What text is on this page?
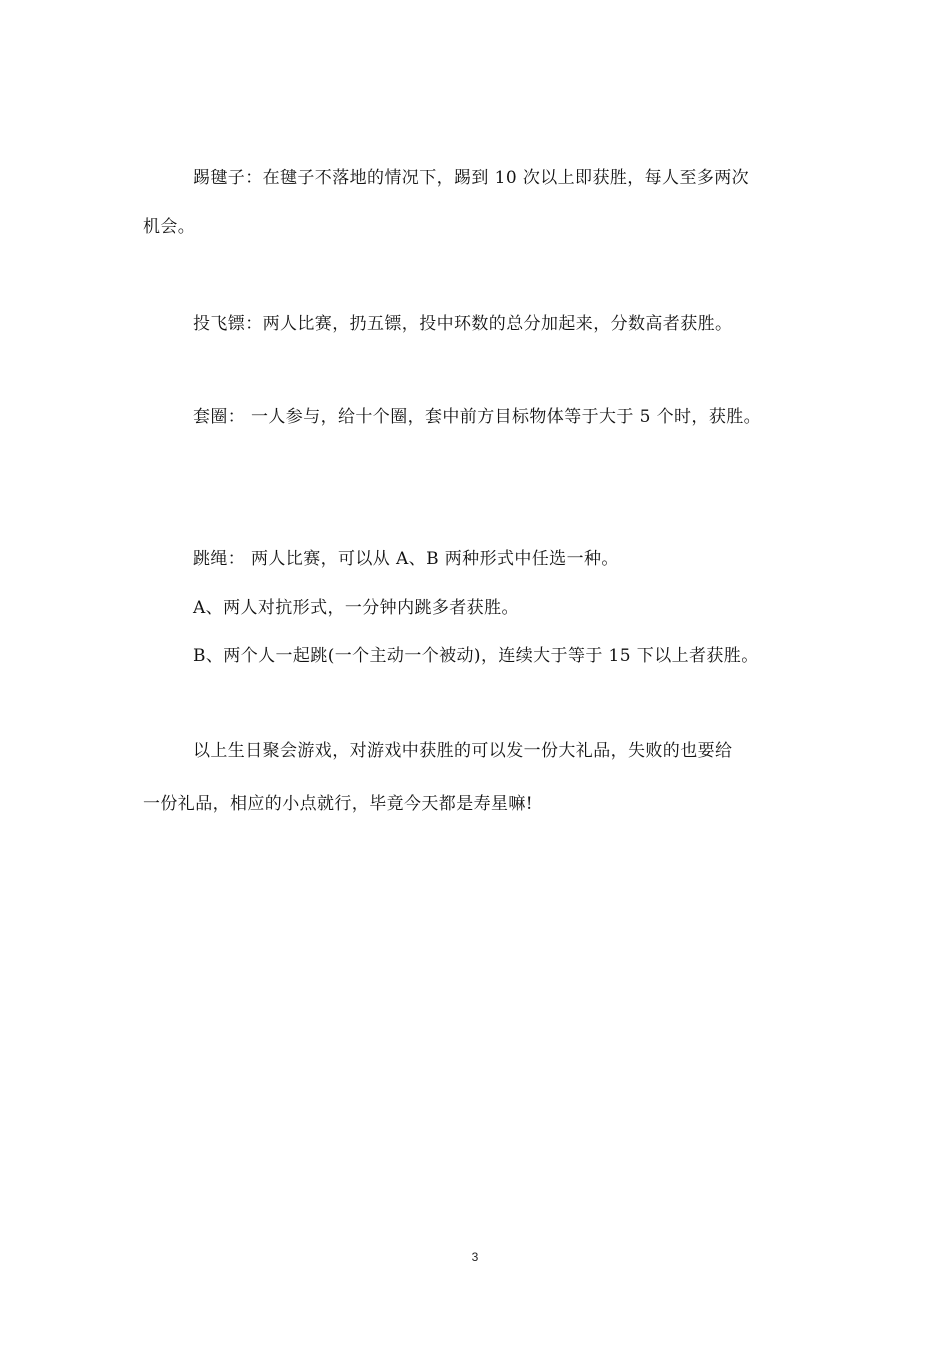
踢毽子：在毽子不落地的情况下，踢到 10 次以上即获胜，每人至多两次
机会。
投飞镖：两人比赛，扔五镖，投中环数的总分加起来，分数高者获胜。
套圈： 一人参与，给十个圈，套中前方目标物体等于大于 5 个时，获胜。
跳绳： 两人比赛，可以从 A、B 两种形式中任选一种。
A、两人对抗形式，一分钟内跳多者获胜。
B、两个人一起跳(一个主动一个被动)，连续大于等于 15 下以上者获胜。
以上生日聚会游戏，对游戏中获胜的可以发一份大礼品，失败的也要给
一份礼品，相应的小点就行，毕竟今天都是寿星嘛!
3
